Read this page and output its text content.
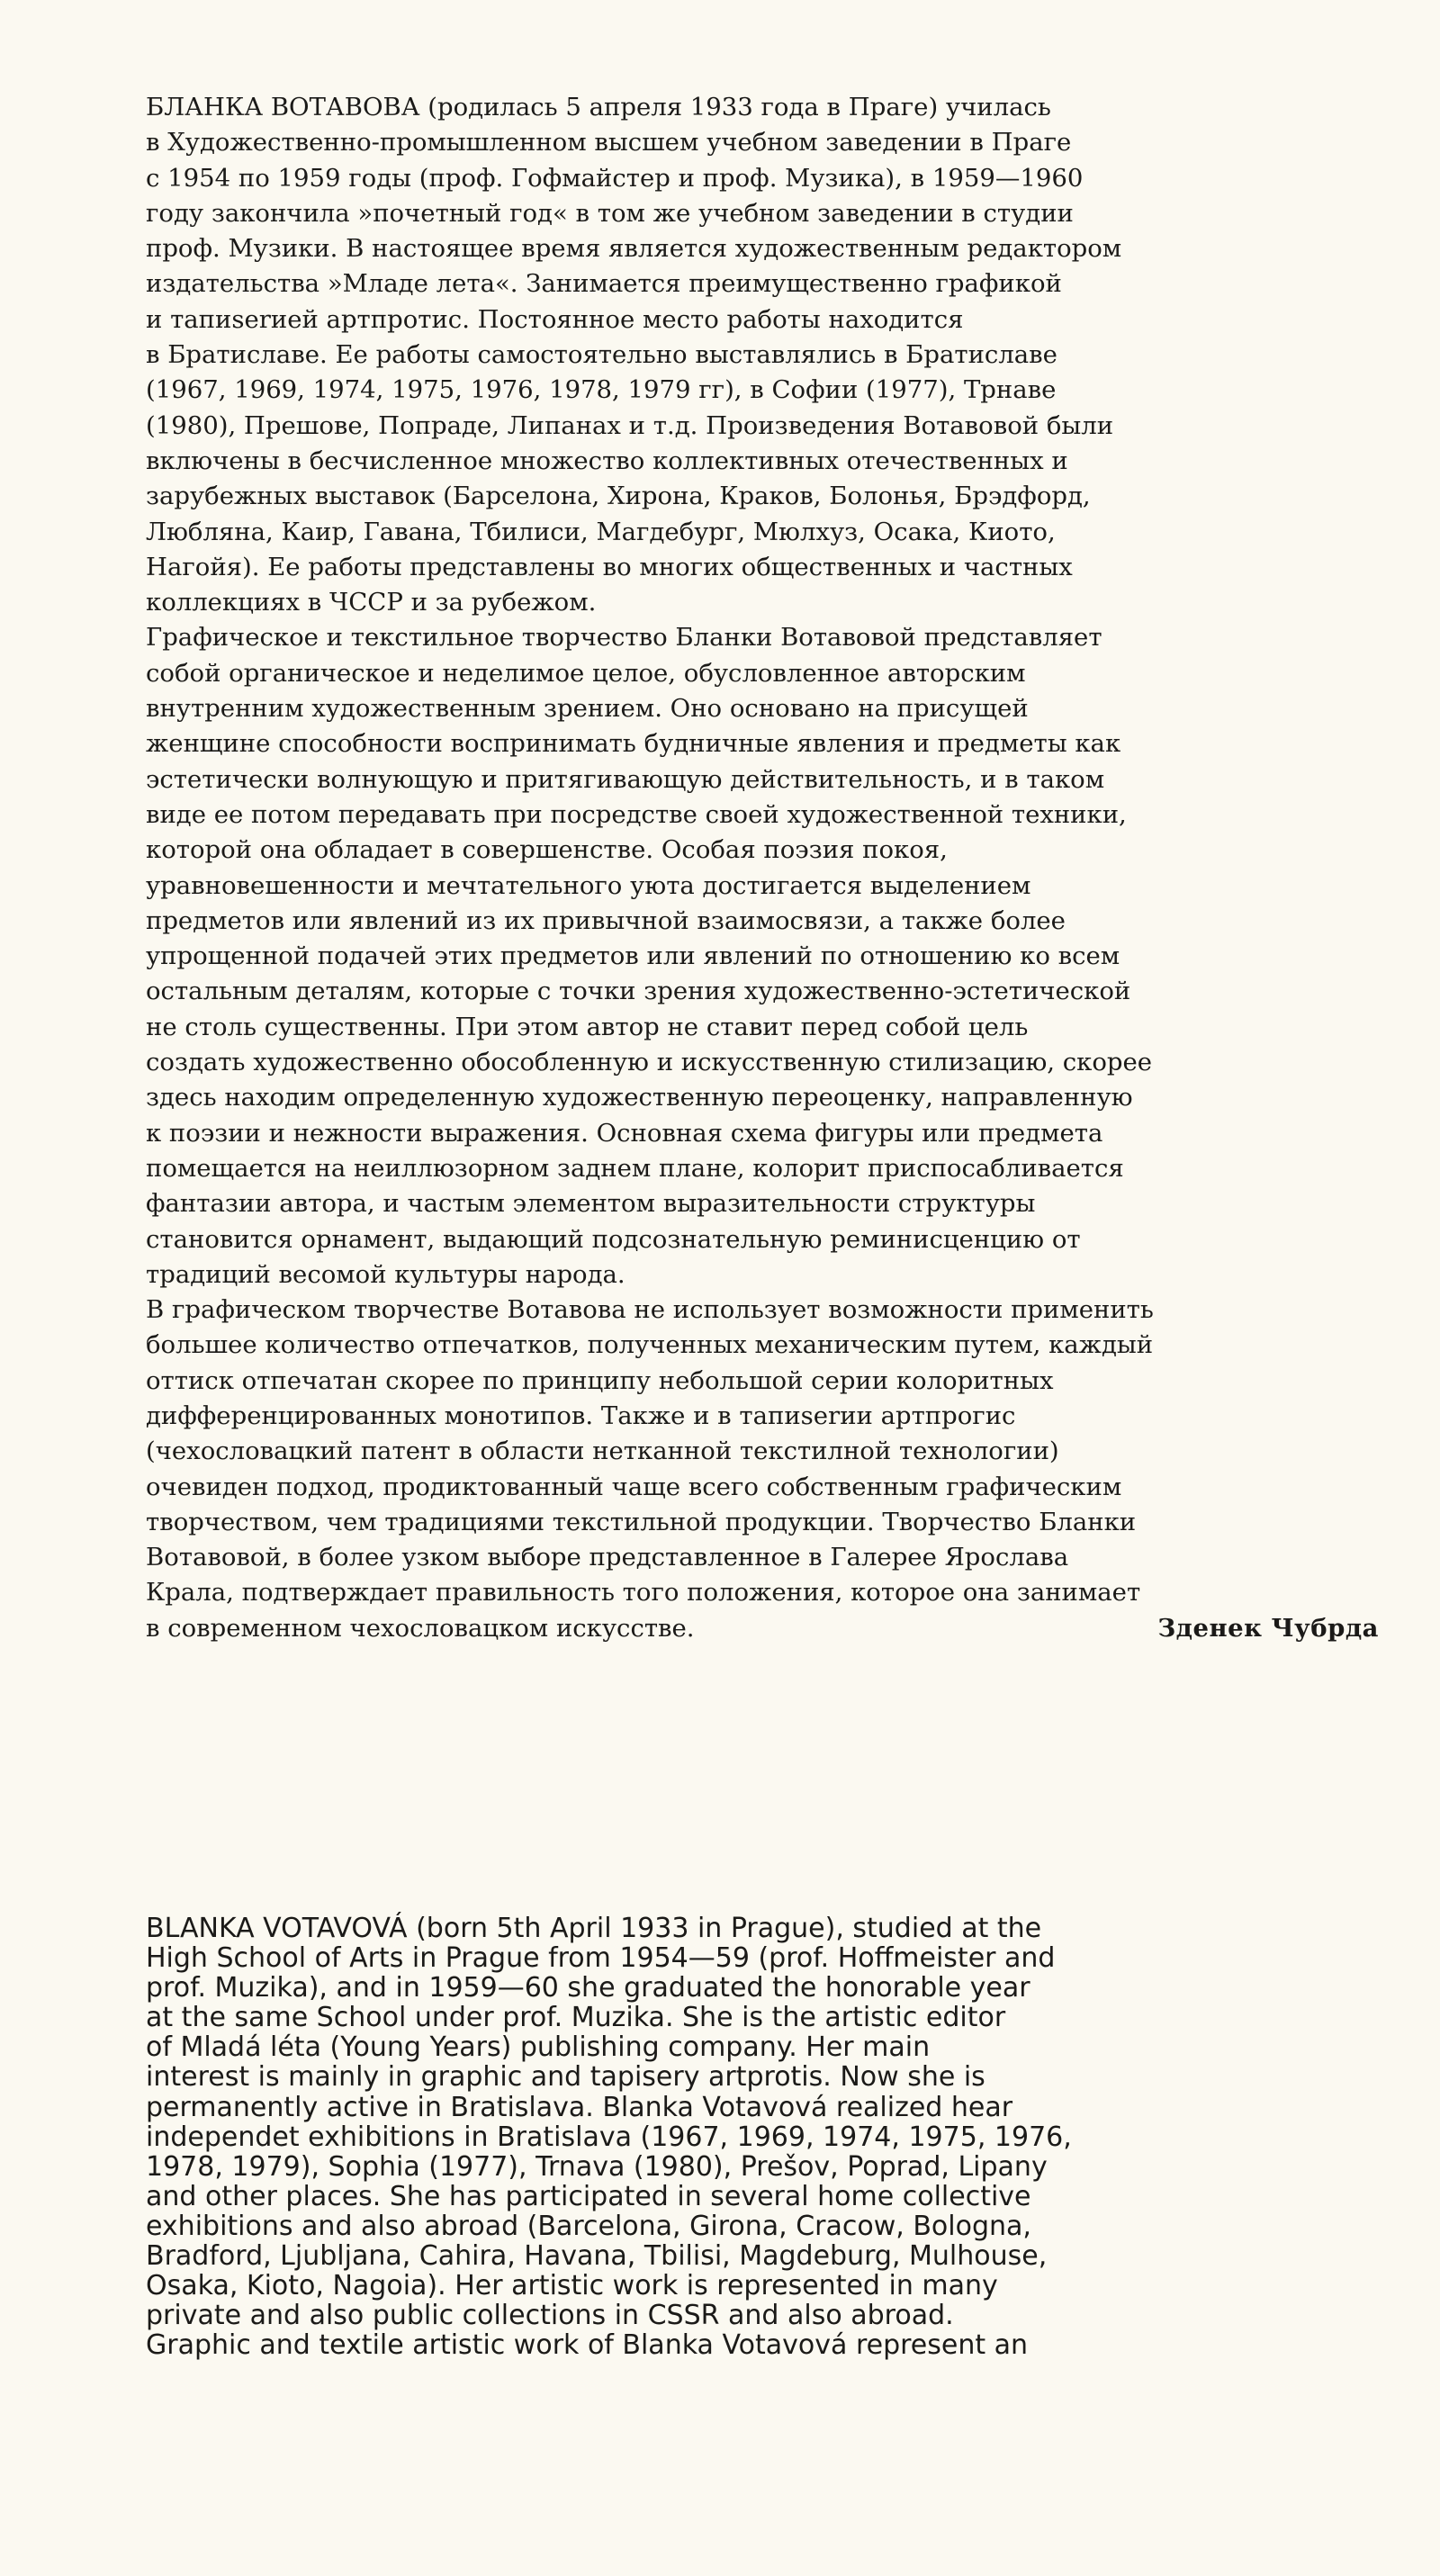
БЛАНКА ВОТАВОВА (родилась 5 апреля 1933 года в Праге) училась
в Художественно-промышленном высшем учебном заведении в Праге
с 1954 по 1959 годы (проф. Гофмайстер и проф. Музика), в 1959—1960
году закончила »почетный год« в том же учебном заведении в студии
проф. Музики. В настоящее время является художественным редактором
издательства »Младе лета«. Занимается преимущественно графикой
и тапиserией артпротис. Постоянное место работы находится
в Братиславе. Ее работы самостоятельно выставлялись в Братиславе
(1967, 1969, 1974, 1975, 1976, 1978, 1979 гг), в Софии (1977), Трнаве
(1980), Прешове, Попраде, Липанах и т.д. Произведения Вотавовой были
включены в бесчисленное множество коллективных отечественных и
зарубежных выставок (Барселона, Хирона, Краков, Болонья, Брэдфорд,
Любляна, Каир, Гавана, Тбилиси, Магдебург, Мюлхуз, Осака, Киото,
Нагойя). Ее работы представлены во многих общественных и частных
коллекциях в ЧССР и за рубежом.
Графическое и текстильное творчество Бланки Вотавовой представляет
собой органическое и неделимое целое, обусловленное авторским
внутренним художественным зрением. Оно основано на присущей
женщине способности воспринимать будничные явления и предметы как
эстетически волнующую и притягивающую действительность, и в таком
виде ее потом передавать при посредстве своей художественной техники,
которой она обладает в совершенстве. Особая поэзия покоя,
уравновешенности и мечтательного уюта достигается выделением
предметов или явлений из их привычной взаимосвязи, а также более
упрощенной подачей этих предметов или явлений по отношению ко всем
остальным деталям, которые с точки зрения художественно-эстетической
не столь существенны. При этом автор не ставит перед собой цель
создать художественно обособленную и искусственную стилизацию, скорее
здесь находим определенную художественную переоценку, направленную
к поэзии и нежности выражения. Основная схема фигуры или предмета
помещается на неиллюзорном заднем плане, колорит приспосабливается
фантазии автора, и частым элементом выразительности структуры
становится орнамент, выдающий подсознательную реминисценцию от
традиций весомой культуры народа.
В графическом творчестве Вотавова не использует возможности применить
большее количество отпечатков, полученных механическим путем, каждый
оттиск отпечатан скорее по принципу небольшой серии колоритных
дифференцированных монотипов. Также и в тапиserии артпрогис
(чехословацкий патент в области нетканной текстилной технологии)
очевиден подход, продиктованный чаще всего собственным графическим
творчеством, чем традициями текстильной продукции. Творчество Бланки
Вотавовой, в более узком выборе представленное в Галерее Ярослава
Крала, подтверждает правильность того положения, которое она занимает
в современном чехословацком искусстве.	Зденек Чубрда
BLANKA VOTAVOVÁ (born 5th April 1933 in Prague), studied at the
High School of Arts in Prague from 1954—59 (prof. Hoffmeister and
prof. Muzika), and in 1959—60 she graduated the honorable year
at the same School under prof. Muzika. She is the artistic editor
of Mladá léta (Young Years) publishing company. Her main
interest is mainly in graphic and tapisery artprotis. Now she is
permanently active in Bratislava. Blanka Votavová realized hear
independet exhibitions in Bratislava (1967, 1969, 1974, 1975, 1976,
1978, 1979), Sophia (1977), Trnava (1980), Prešov, Poprad, Lipany
and other places. She has participated in several home collective
exhibitions and also abroad (Barcelona, Girona, Cracow, Bologna,
Bradford, Ljubljana, Cahira, Havana, Tbilisi, Magdeburg, Mulhouse,
Osaka, Kioto, Nagoia). Her artistic work is represented in many
private and also public collections in CSSR and also abroad.
Graphic and textile artistic work of Blanka Votavová represent an
